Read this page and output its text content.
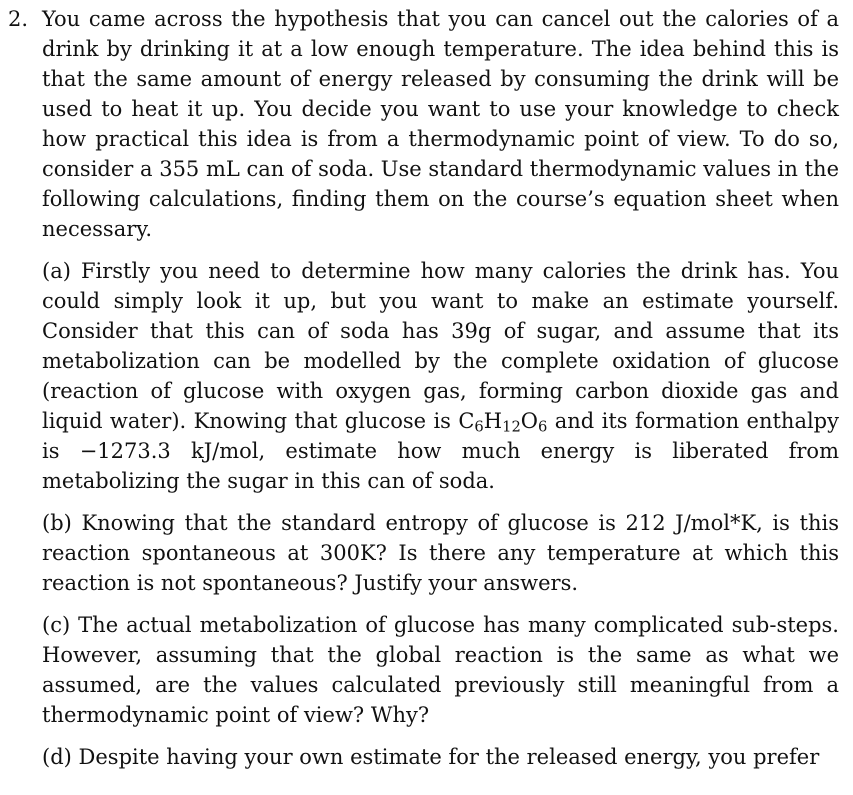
2. You came across the hypothesis that you can cancel out the calories of a drink by drinking it at a low enough temperature. The idea behind this is that the same amount of energy released by consuming the drink will be used to heat it up. You decide you want to use your knowledge to check how practical this idea is from a thermodynamic point of view. To do so, consider a 355 mL can of soda. Use standard thermodynamic values in the following calculations, finding them on the course’s equation sheet when necessary.
(a) Firstly you need to determine how many calories the drink has. You could simply look it up, but you want to make an estimate yourself. Consider that this can of soda has 39g of sugar, and assume that its metabolization can be modelled by the complete oxidation of glucose (reaction of glucose with oxygen gas, forming carbon dioxide gas and liquid water). Knowing that glucose is $C_6H_{12}O_6$ and its formation enthalpy is −1273.3 kJ/mol, estimate how much energy is liberated from metabolizing the sugar in this can of soda.
(b) Knowing that the standard entropy of glucose is 212 J/mol*K, is this reaction spontaneous at 300K? Is there any temperature at which this reaction is not spontaneous? Justify your answers.
(c) The actual metabolization of glucose has many complicated sub-steps. However, assuming that the global reaction is the same as what we assumed, are the values calculated previously still meaningful from a thermodynamic point of view? Why?
(d) Despite having your own estimate for the released energy, you prefer
